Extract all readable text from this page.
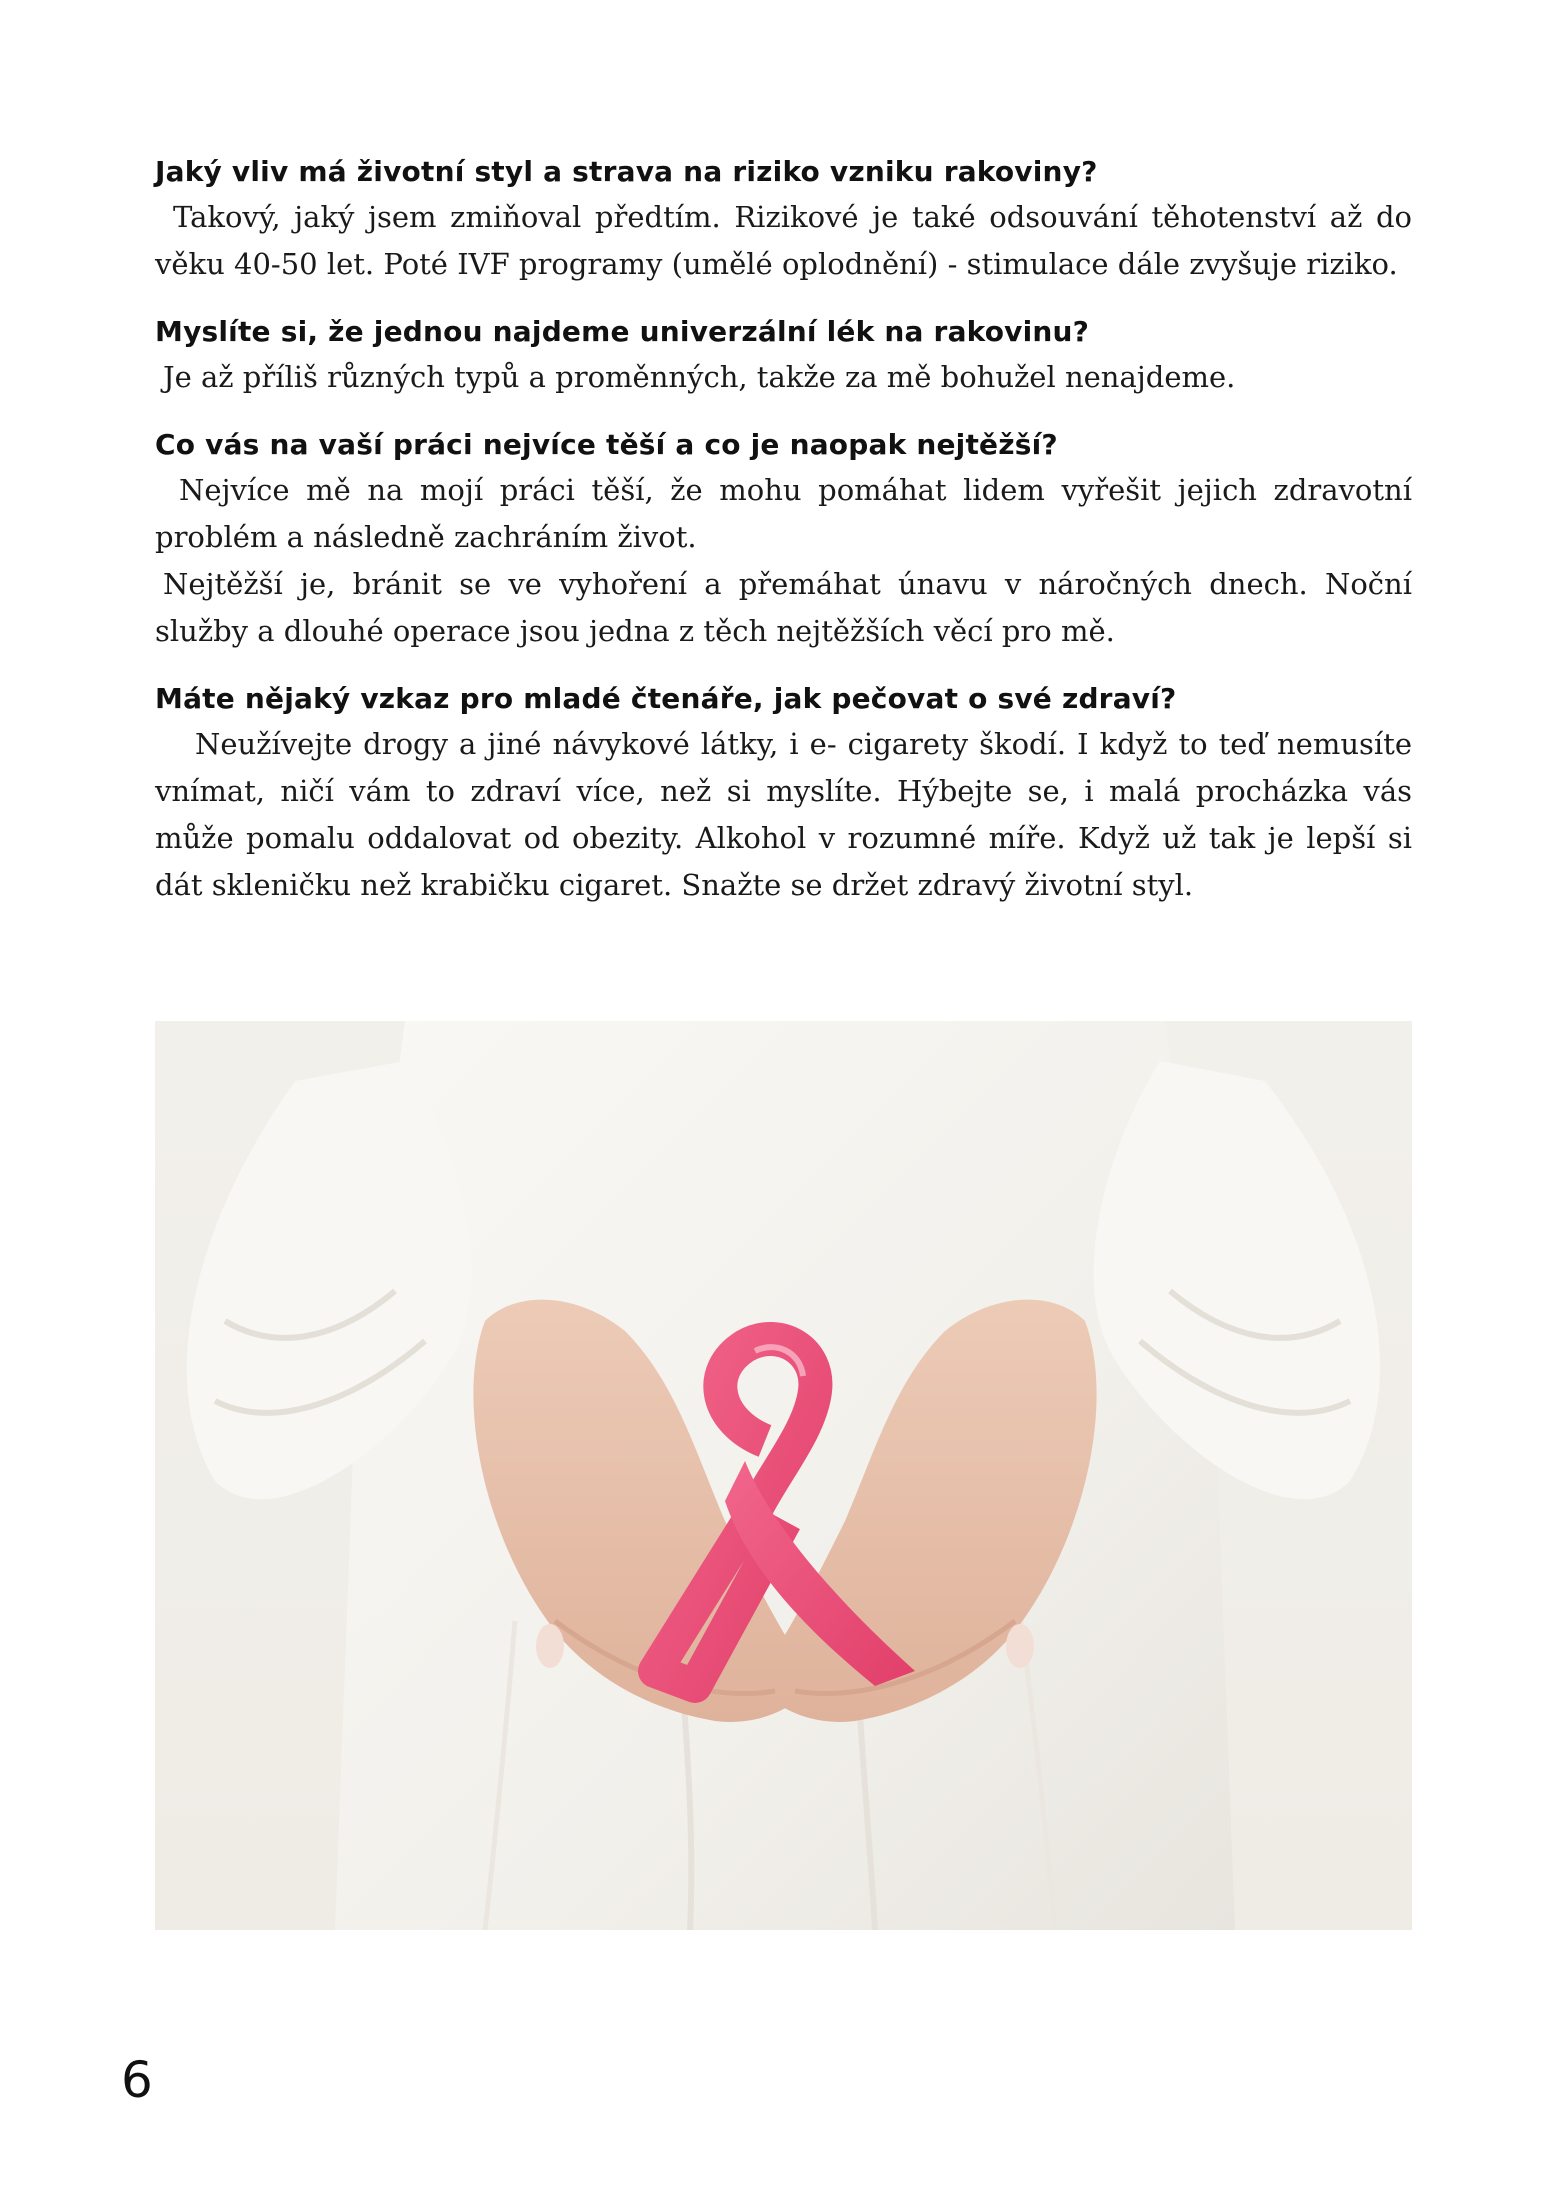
Jaký vliv má životní styl a strava na riziko vzniku rakoviny?

Takový, jaký jsem zmiňoval předtím. Rizikové je také odsouvání těhotenství až do věku 40-50 let. Poté IVF programy (umělé oplodnění) - stimulace dále zvyšuje riziko.

Myslíte si, že jednou najdeme univerzální lék na rakovinu?

Je až příliš různých typů a proměnných, takže za mě bohužel nenajdeme.

Co vás na vaší práci nejvíce těší a co je naopak nejtěžší?

Nejvíce mě na mojí práci těší, že mohu pomáhat lidem vyřešit jejich zdravotní problém a následně zachráním život.

Nejtěžší je, bránit se ve vyhoření a přemáhat únavu v náročných dnech. Noční služby a dlouhé operace jsou jedna z těch nejtěžších věcí pro mě.

Máte nějaký vzkaz pro mladé čtenáře, jak pečovat o své zdraví?

Neužívejte drogy a jiné návykové látky, i e- cigarety škodí. I když to teď nemusíte vnímat, ničí vám to zdraví více, než si myslíte. Hýbejte se, i malá procházka vás může pomalu oddalovat od obezity. Alkohol v rozumné míře. Když už tak je lepší si dát skleničku než krabičku cigaret. Snažte se držet zdravý životní styl.

6
